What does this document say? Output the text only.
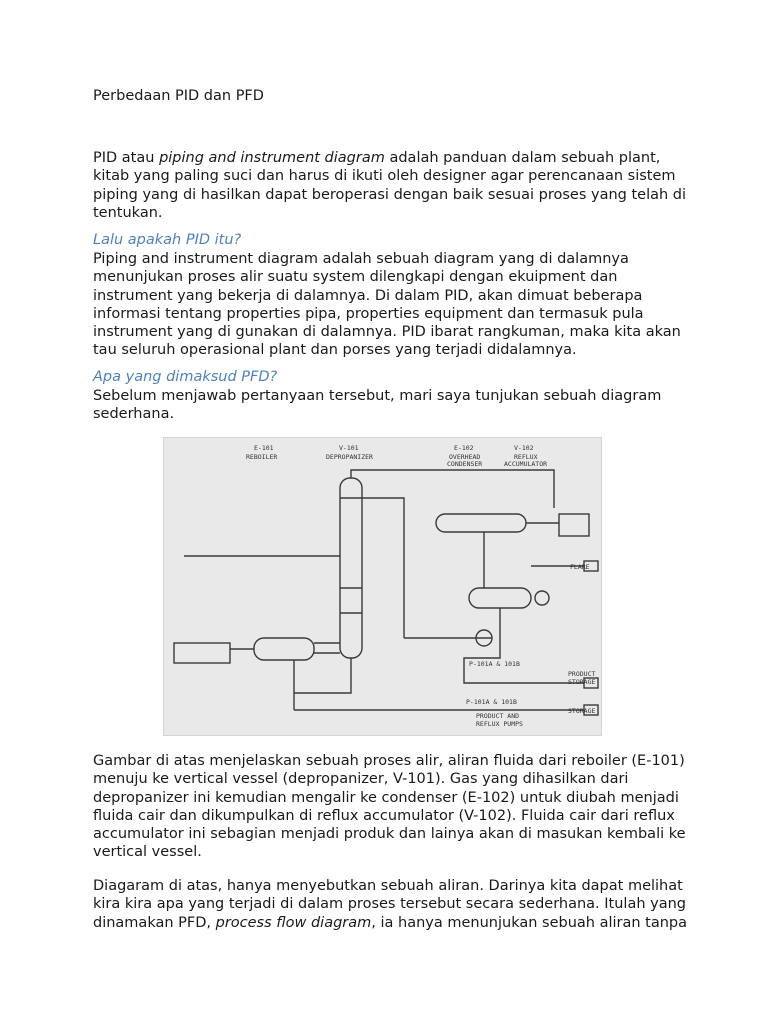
Perbedaan PID dan PFD
PID atau piping and instrument diagram adalah panduan dalam sebuah plant,
kitab yang paling suci dan harus di ikuti oleh designer agar perencanaan sistem
piping yang di hasilkan dapat beroperasi dengan baik sesuai proses yang telah di
tentukan.
Lalu apakah PID itu?
Piping and instrument diagram adalah sebuah diagram yang di dalamnya
menunjukan proses alir suatu system dilengkapi dengan ekuipment dan
instrument yang bekerja di dalamnya. Di dalam PID, akan dimuat beberapa
informasi tentang properties pipa, properties equipment dan termasuk pula
instrument yang di gunakan di dalamnya. PID ibarat rangkuman, maka kita akan
tau seluruh operasional plant dan porses yang terjadi didalamnya.
Apa yang dimaksud PFD?
Sebelum menjawab pertanyaan tersebut, mari saya tunjukan sebuah diagram
sederhana.
E-101	V-101	E-102	V-102
REBOILER	DEPROPANIZER	OVERHEAD
CONDENSER
REFLUX
ACCUMULATOR
FLARE
PRODUCT
STORAGE
STORAGE
P-101A & 101B
P-101A & 101B
PRODUCT AND
REFLUX PUMPS
Gambar di atas menjelaskan sebuah proses alir, aliran fluida dari reboiler (E-101)
menuju ke vertical vessel (depropanizer, V-101). Gas yang dihasilkan dari
depropanizer ini kemudian mengalir ke condenser (E-102) untuk diubah menjadi
fluida cair dan dikumpulkan di reflux accumulator (V-102). Fluida cair dari reflux
accumulator ini sebagian menjadi produk dan lainya akan di masukan kembali ke
vertical vessel.
Diagaram di atas, hanya menyebutkan sebuah aliran. Darinya kita dapat melihat
kira kira apa yang terjadi di dalam proses tersebut secara sederhana. Itulah yang
dinamakan PFD, process flow diagram, ia hanya menunjukan sebuah aliran tanpa
